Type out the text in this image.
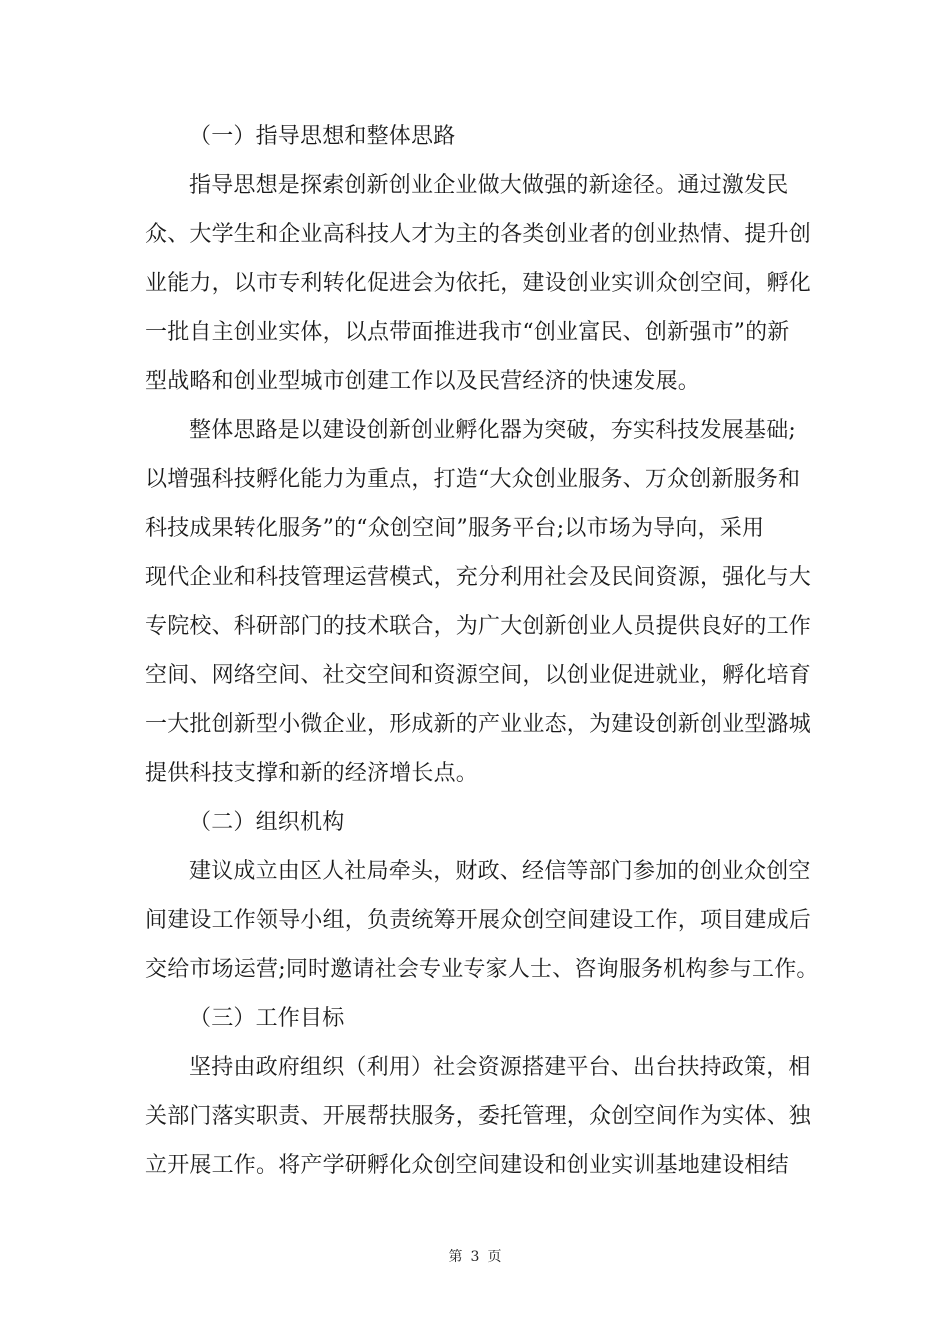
（一）指导思想和整体思路
指导思想是探索创新创业企业做大做强的新途径。通过激发民
众、大学生和企业高科技人才为主的各类创业者的创业热情、提升创
业能力，以市专利转化促进会为依托，建设创业实训众创空间，孵化
一批自主创业实体，以点带面推进我市“创业富民、创新强市”的新
型战略和创业型城市创建工作以及民营经济的快速发展。
整体思路是以建设创新创业孵化器为突破，夯实科技发展基础;
以增强科技孵化能力为重点，打造“大众创业服务、万众创新服务和
科技成果转化服务”的“众创空间”服务平台;以市场为导向，采用
现代企业和科技管理运营模式，充分利用社会及民间资源，强化与大
专院校、科研部门的技术联合，为广大创新创业人员提供良好的工作
空间、网络空间、社交空间和资源空间，以创业促进就业，孵化培育
一大批创新型小微企业，形成新的产业业态，为建设创新创业型潞城
提供科技支撑和新的经济增长点。
（二）组织机构
建议成立由区人社局牵头，财政、经信等部门参加的创业众创空
间建设工作领导小组，负责统筹开展众创空间建设工作，项目建成后
交给市场运营;同时邀请社会专业专家人士、咨询服务机构参与工作。
（三）工作目标
坚持由政府组织（利用）社会资源搭建平台、出台扶持政策，相
关部门落实职责、开展帮扶服务，委托管理，众创空间作为实体、独
立开展工作。将产学研孵化众创空间建设和创业实训基地建设相结
第 3 页
